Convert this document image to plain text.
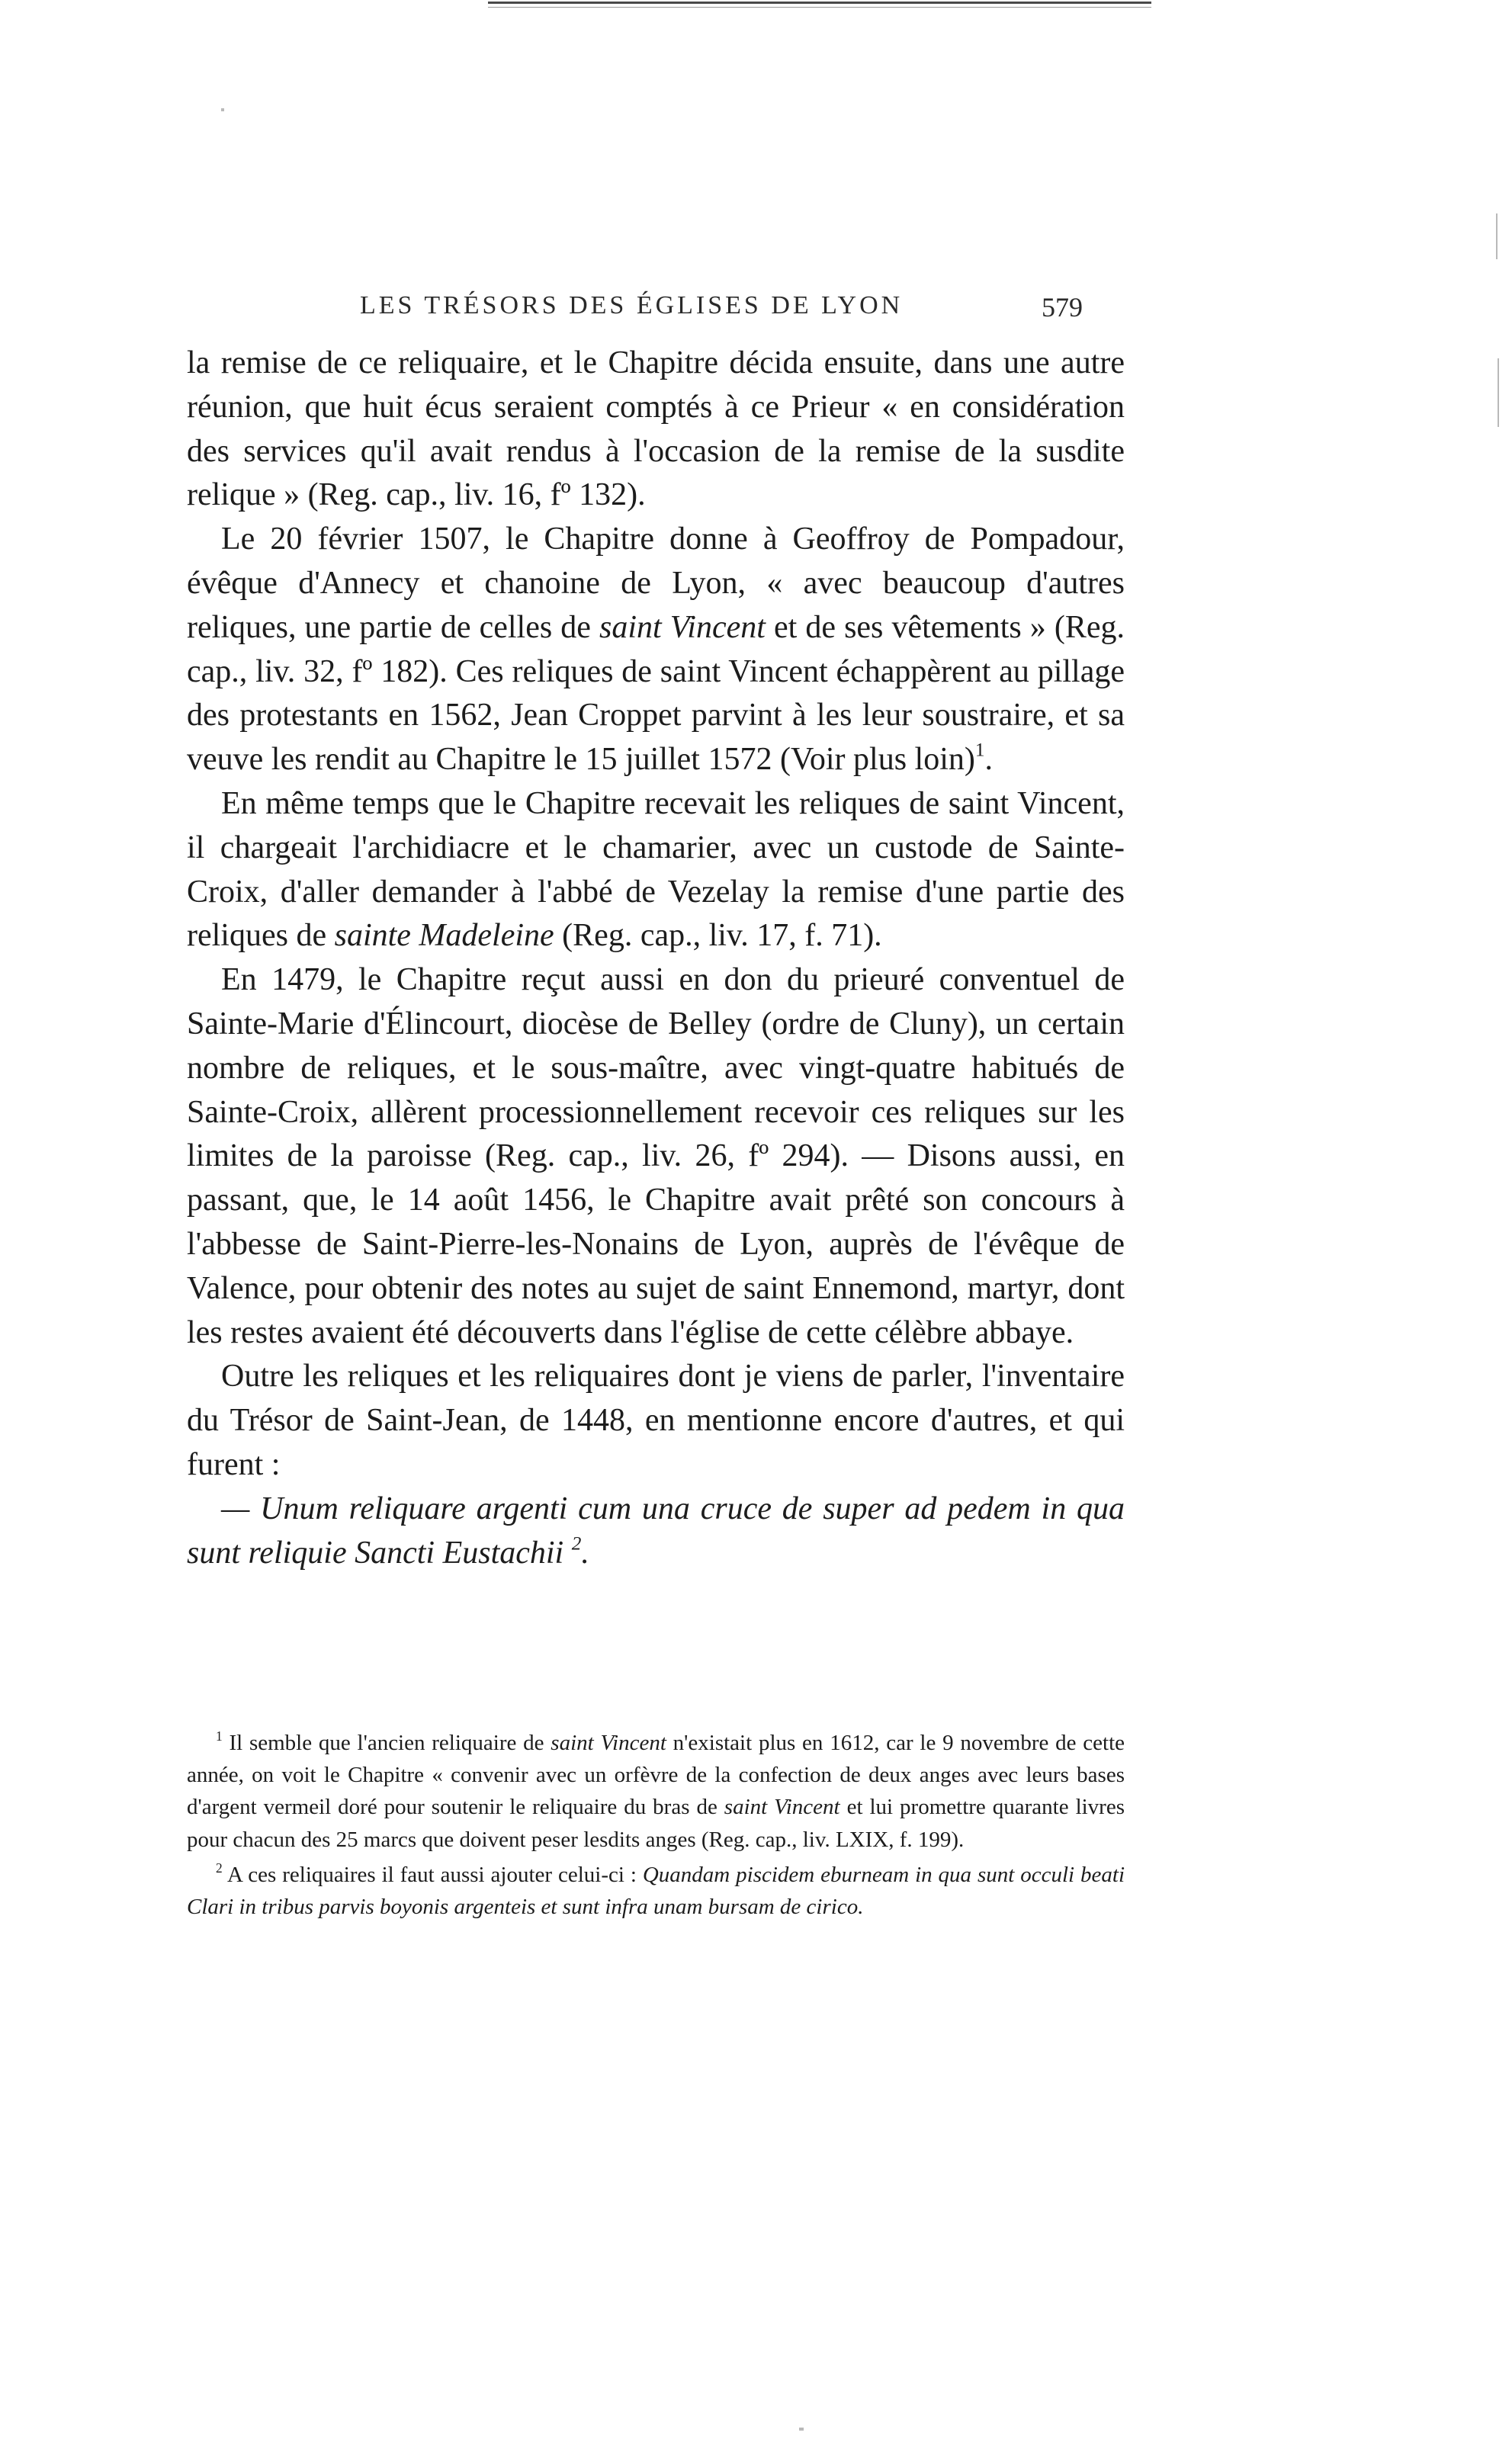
LES TRÉSORS DES ÉGLISES DE LYON	579

la remise de ce reliquaire, et le Chapitre décida ensuite, dans une autre réunion, que huit écus seraient comptés à ce Prieur « en considération des services qu'il avait rendus à l'occasion de la remise de la susdite relique » (Reg. cap., liv. 16, fº 132).

Le 20 février 1507, le Chapitre donne à Geoffroy de Pompadour, évêque d'Annecy et chanoine de Lyon, « avec beaucoup d'autres reliques, une partie de celles de saint Vincent et de ses vêtements » (Reg. cap., liv. 32, fº 182). Ces reliques de saint Vincent échappèrent au pillage des protestants en 1562, Jean Croppet parvint à les leur soustraire, et sa veuve les rendit au Chapitre le 15 juillet 1572 (Voir plus loin)$^1$.

En même temps que le Chapitre recevait les reliques de saint Vincent, il chargeait l'archidiacre et le chamarier, avec un custode de Sainte-Croix, d'aller demander à l'abbé de Vezelay la remise d'une partie des reliques de sainte Madeleine (Reg. cap., liv. 17, f. 71).

En 1479, le Chapitre reçut aussi en don du prieuré conventuel de Sainte-Marie d'Élincourt, diocèse de Belley (ordre de Cluny), un certain nombre de reliques, et le sous-maître, avec vingt-quatre habitués de Sainte-Croix, allèrent processionnellement recevoir ces reliques sur les limites de la paroisse (Reg. cap., liv. 26, fº 294). — Disons aussi, en passant, que, le 14 août 1456, le Chapitre avait prêté son concours à l'abbesse de Saint-Pierre-les-Nonains de Lyon, auprès de l'évêque de Valence, pour obtenir des notes au sujet de saint Ennemond, martyr, dont les restes avaient été découverts dans l'église de cette célèbre abbaye.

Outre les reliques et les reliquaires dont je viens de parler, l'inventaire du Trésor de Saint-Jean, de 1448, en mentionne encore d'autres, et qui furent :

— Unum reliquare argenti cum una cruce de super ad pedem in qua sunt reliquie Sancti Eustachii $^2$.

$^1$ Il semble que l'ancien reliquaire de saint Vincent n'existait plus en 1612, car le 9 novembre de cette année, on voit le Chapitre « convenir avec un orfèvre de la confection de deux anges avec leurs bases d'argent vermeil doré pour soutenir le reliquaire du bras de saint Vincent et lui promettre quarante livres pour chacun des 25 marcs que doivent peser lesdits anges (Reg. cap., liv. LXIX, f. 199).

$^2$ A ces reliquaires il faut aussi ajouter celui-ci : Quandam piscidem eburneam in qua sunt occuli beati Clari in tribus parvis boyonis argenteis et sunt infra unam bursam de cirico.
